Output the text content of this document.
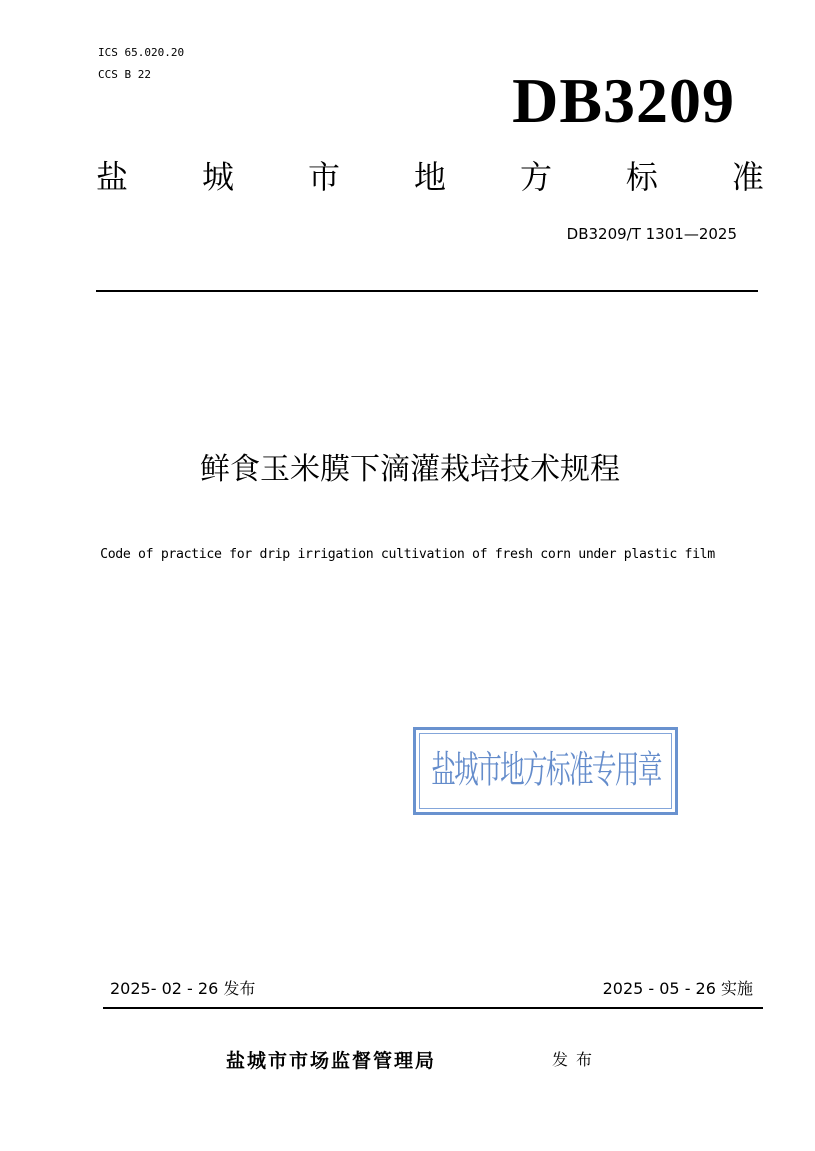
ICS 65.020.20
CCS B 22	DB3209
盐 城 市 地 方 标 准
DB3209/T 1301—2025
鲜食玉米膜下滴灌栽培技术规程
Code of practice for drip irrigation cultivation of fresh corn under plastic film
盐城市地方标准专用章
2025- 02 - 26 发布	2025 - 05 - 26 实施
盐城市市场监督管理局	发布
